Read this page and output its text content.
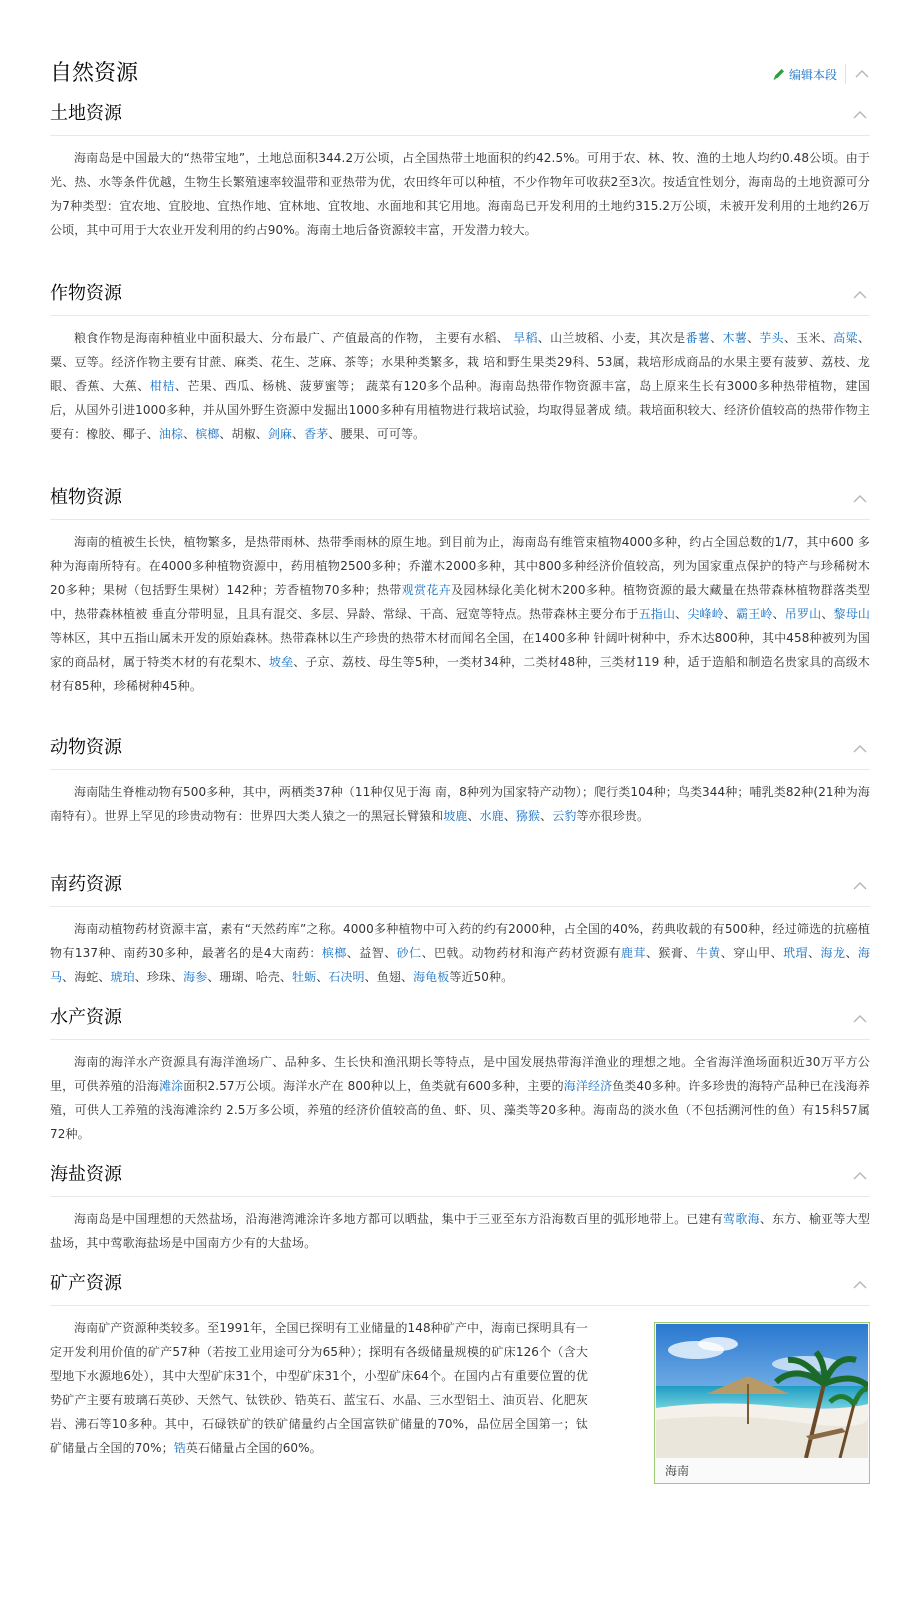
自然资源	编辑本段
土地资源

海南岛是中国最大的“热带宝地”，土地总面积344.2万公顷，占全国热带土地面积的约42.5%。可用于农、林、牧、渔的土地人均约0.48公顷。由于光、热、水等条件优越，生物生长繁殖速率较温带和亚热带为优，农田终年可以种植，不少作物年可收获2至3次。按适宜性划分，海南岛的土地资源可分为7种类型：宜农地、宜胶地、宜热作地、宜林地、宜牧地、水面地和其它用地。海南岛已开发利用的土地约315.2万公顷，未被开发利用的土地约26万公顷，其中可用于大农业开发利用的约占90%。海南土地后备资源较丰富，开发潜力较大。

作物资源

粮食作物是海南种植业中面积最大、分布最广、产值最高的作物， 主要有水稻、 旱稻、山兰坡稻、小麦，其次是番薯、木薯、芋头、玉米、高粱、粟、豆等。经济作物主要有甘蔗、麻类、花生、芝麻、茶等；水果种类繁多，栽 培和野生果类29科、53属，栽培形成商品的水果主要有菠萝、荔枝、龙眼、香蕉、大蕉、柑桔、芒果、西瓜、杨桃、菠萝蜜等； 蔬菜有120多个品种。海南岛热带作物资源丰富，岛上原来生长有3000多种热带植物，建国后，从国外引进1000多种，并从国外野生资源中发掘出1000多种有用植物进行栽培试验，均取得显著成 绩。栽培面积较大、经济价值较高的热带作物主要有：橡胶、椰子、油棕、槟榔、胡椒、剑麻、香茅、腰果、可可等。

植物资源

海南的植被生长快，植物繁多，是热带雨林、热带季雨林的原生地。到目前为止，海南岛有维管束植物4000多种，约占全国总数的1/7，其中600 多种为海南所特有。在4000多种植物资源中，药用植物2500多种；乔灌木2000多种，其中800多种经济价值较高，列为国家重点保护的特产与珍稀树木20多种；果树（包括野生果树）142种；芳香植物70多种；热带观赏花卉及园林绿化美化树木200多种。植物资源的最大藏量在热带森林植物群落类型中，热带森林植被 垂直分带明显，且具有混交、多层、异龄、常绿、干高、冠宽等特点。热带森林主要分布于五指山、尖峰岭、霸王岭、吊罗山、黎母山等林区，其中五指山属未开发的原始森林。热带森林以生产珍贵的热带木材而闻名全国，在1400多种 针阔叶树种中，乔木达800种，其中458种被列为国家的商品材，属于特类木材的有花梨木、坡垒、子京、荔枝、母生等5种，一类材34种，二类材48种，三类材119 种，适于造船和制造名贵家具的高级木材有85种，珍稀树种45种。

动物资源

海南陆生脊椎动物有500多种，其中，两栖类37种（11种仅见于海 南，8种列为国家特产动物）；爬行类104种；鸟类344种；哺乳类82种(21种为海 南特有）。世界上罕见的珍贵动物有：世界四大类人猿之一的黑冠长臂猿和坡鹿、水鹿、猕猴、云豹等亦很珍贵。

南药资源

海南动植物药材资源丰富，素有“天然药库”之称。4000多种植物中可入药的约有2000种，占全国的40%，药典收载的有500种，经过筛选的抗癌植物有137种、南药30多种，最著名的是4大南药：槟榔、益智、砂仁、巴戟。动物药材和海产药材资源有鹿茸、猴膏、牛黄、穿山甲、玳瑁、海龙、海马、海蛇、琥珀、珍珠、海参、珊瑚、哈壳、牡蛎、石决明、鱼翅、海龟板等近50种。

水产资源

海南的海洋水产资源具有海洋渔场广、品种多、生长快和渔汛期长等特点，是中国发展热带海洋渔业的理想之地。全省海洋渔场面积近30万平方公里，可供养殖的沿海滩涂面积2.57万公顷。海洋水产在 800种以上，鱼类就有600多种，主要的海洋经济鱼类40多种。许多珍贵的海特产品种已在浅海养殖，可供人工养殖的浅海滩涂约 2.5万多公顷，养殖的经济价值较高的鱼、虾、贝、藻类等20多种。海南岛的淡水鱼（不包括溯河性的鱼）有15科57属72种。

海盐资源

海南岛是中国理想的天然盐场，沿海港湾滩涂许多地方都可以晒盐，集中于三亚至东方沿海数百里的弧形地带上。已建有莺歌海、东方、榆亚等大型盐场，其中莺歌海盐场是中国南方少有的大盐场。

矿产资源

海南矿产资源种类较多。至1991年，全国已探明有工业储量的148种矿产中，海南已探明具有一定开发利用价值的矿产57种（若按工业用途可分为65种）；探明有各级储量规模的矿床126个（含大型地下水源地6处），其中大型矿床31个，中型矿床31个，小型矿床64个。在国内占有重要位置的优势矿产主要有玻璃石英砂、天然气、钛铁砂、锆英石、蓝宝石、水晶、三水型铝土、油页岩、化肥灰岩、沸石等10多种。其中，石碌铁矿的铁矿储量约占全国富铁矿储量的70%，品位居全国第一；钛矿储量占全国的70%；锆英石储量占全国的60%。

海南
